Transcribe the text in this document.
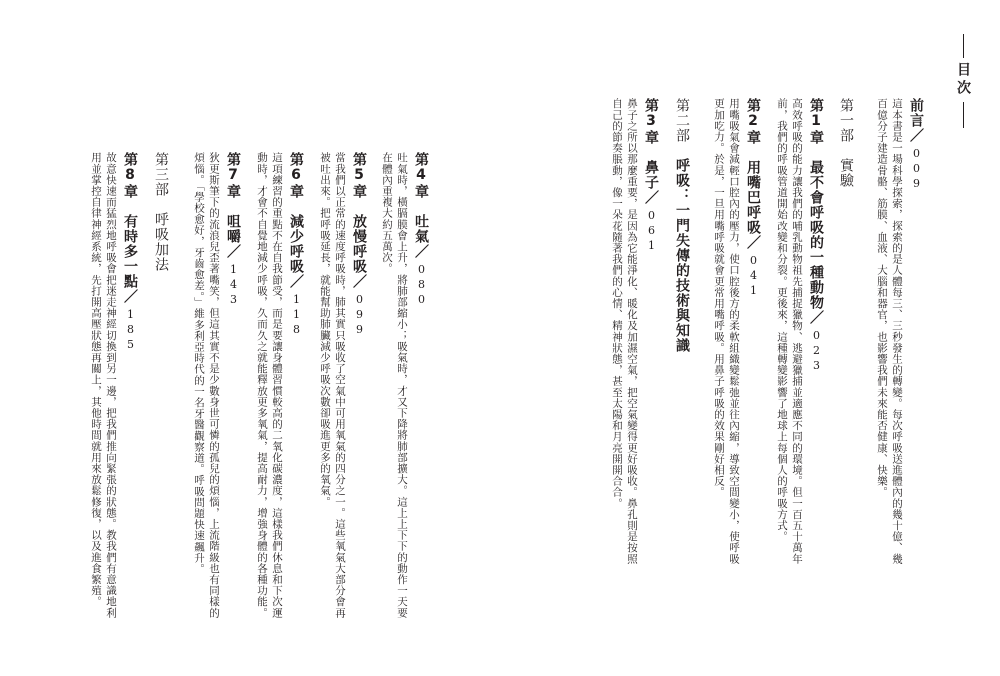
目次
前言／009
這本書是一場科學探索，探索的是人體每三、三秒發生的轉變。每次呼吸送進體內的幾十億、幾
百億分子建造骨骼、筋膜、血液、大腦和器官，也影響我們未來能否健康、快樂。
第一部　實驗
第1章　最不會呼吸的一種動物／023
高效呼吸的能力讓我們的哺乳動物祖先捕捉獵物、逃避獵捕並適應不同的環境。但一百五十萬年
前，我們的呼吸管道開始改變和分裂。更後來，這種轉變影響了地球上每個人的呼吸方式。
第2章　用嘴巴呼吸／041
用嘴吸氣會減輕口腔內的壓力，使口腔後方的柔軟組織變鬆弛並往內縮，導致空間變小，使呼吸
更加吃力。於是，一旦用嘴呼吸就會更常用嘴呼吸。用鼻子呼吸的效果剛好相反。
第二部　呼吸：一門失傳的技術與知識
第3章　鼻子／061
鼻子之所以那麼重要，是因為它能淨化、暖化及加濕空氣，把空氣變得更好吸收。鼻孔則是按照
自己的節奏脹動，像一朵花隨著我們的心情、精神狀態，甚至太陽和月亮開開合合。
第4章　吐氣／080
吐氣時，橫膈膜會上升，將肺部縮小；吸氣時，才又下降將肺部擴大。這上上下下的動作一天要
在體內重複大約五萬次。
第5章　放慢呼吸／099
當我們以正常的速度呼吸時，肺其實只吸收了空氣中可用氧氣的四分之一。這些氧氣大部分會再
被吐出來。把呼吸延長，就能幫助肺臟減少呼吸次數卻吸進更多的氧氣。
第6章　減少呼吸／118
這項練習的重點不在自我節受，而是要讓身體習慣較高的二氧化碳濃度，這樣我們休息和下次運
動時，才會不自覺地減少呼吸，久而久之就能釋放更多氧氣，提高耐力，增強身體的各種功能。
第7章　咀嚼／143
狄更斯筆下的流浪兒歪著嘴笑，但這其實不是少數身世可憐的孤兒的煩惱，上流階級也有同樣的
煩惱。「學校愈好，牙齒愈差。」維多利亞時代的一名牙醫觀察道。呼吸問題快速飆升。
第三部　呼吸加法
第8章　有時多一點／185
故意快速而猛烈地呼吸會把迷走神經切換到另一邊，把我們推向緊張的狀態。教我們有意識地利
用並掌控自律神經系統，先打開高壓狀態再關上，其他時間就用來放鬆修復，以及進食繁殖。
